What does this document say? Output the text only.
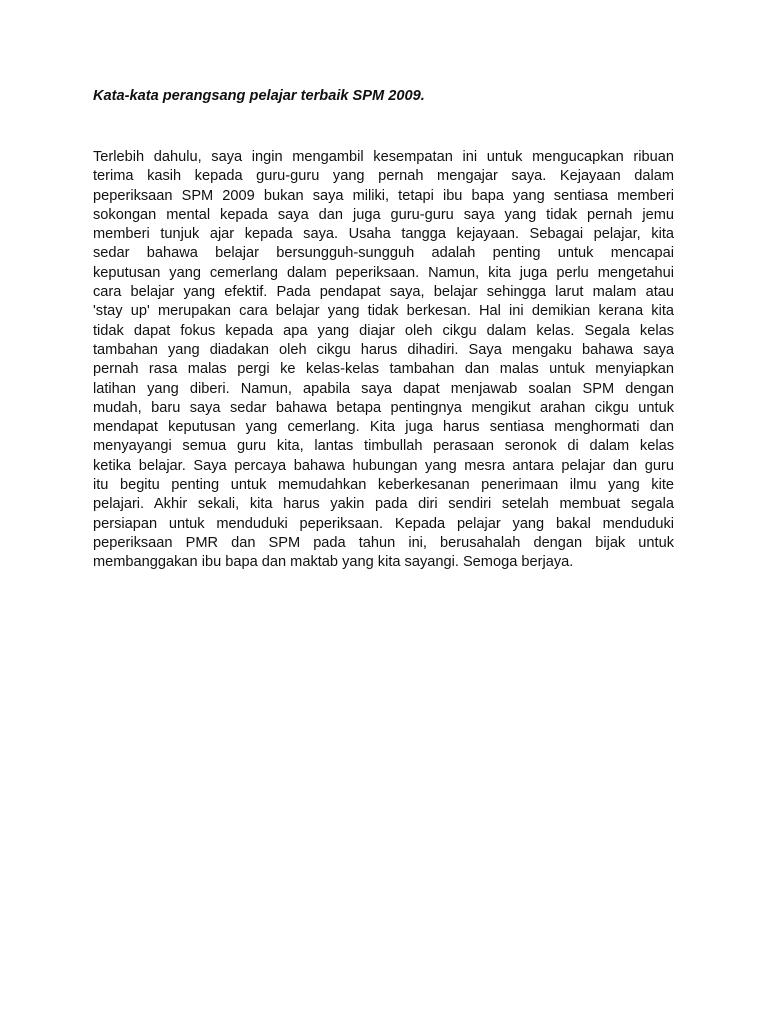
Kata-kata perangsang pelajar terbaik SPM 2009.
Terlebih dahulu, saya ingin mengambil kesempatan ini untuk mengucapkan ribuan
terima kasih kepada guru-guru yang pernah mengajar saya. Kejayaan dalam
peperiksaan SPM 2009 bukan saya miliki, tetapi ibu bapa yang sentiasa memberi
sokongan mental kepada saya dan juga guru-guru saya yang tidak pernah jemu
memberi tunjuk ajar kepada saya. Usaha tangga kejayaan. Sebagai pelajar, kita
sedar bahawa belajar bersungguh-sungguh adalah penting untuk mencapai
keputusan yang cemerlang dalam peperiksaan. Namun, kita juga perlu mengetahui
cara belajar yang efektif. Pada pendapat saya, belajar sehingga larut malam atau
'stay up' merupakan cara belajar yang tidak berkesan. Hal ini demikian kerana kita
tidak dapat fokus kepada apa yang diajar oleh cikgu dalam kelas. Segala kelas
tambahan yang diadakan oleh cikgu harus dihadiri. Saya mengaku bahawa saya
pernah rasa malas pergi ke kelas-kelas tambahan dan malas untuk menyiapkan
latihan yang diberi. Namun, apabila saya dapat menjawab soalan SPM dengan
mudah, baru saya sedar bahawa betapa pentingnya mengikut arahan cikgu untuk
mendapat keputusan yang cemerlang. Kita juga harus sentiasa menghormati dan
menyayangi semua guru kita, lantas timbullah perasaan seronok di dalam kelas
ketika belajar. Saya percaya bahawa hubungan yang mesra antara pelajar dan guru
itu begitu penting untuk memudahkan keberkesanan penerimaan ilmu yang kite
pelajari. Akhir sekali, kita harus yakin pada diri sendiri setelah membuat segala
persiapan untuk menduduki peperiksaan. Kepada pelajar yang bakal menduduki
peperiksaan PMR dan SPM pada tahun ini, berusahalah dengan bijak untuk
membanggakan ibu bapa dan maktab yang kita sayangi. Semoga berjaya.
